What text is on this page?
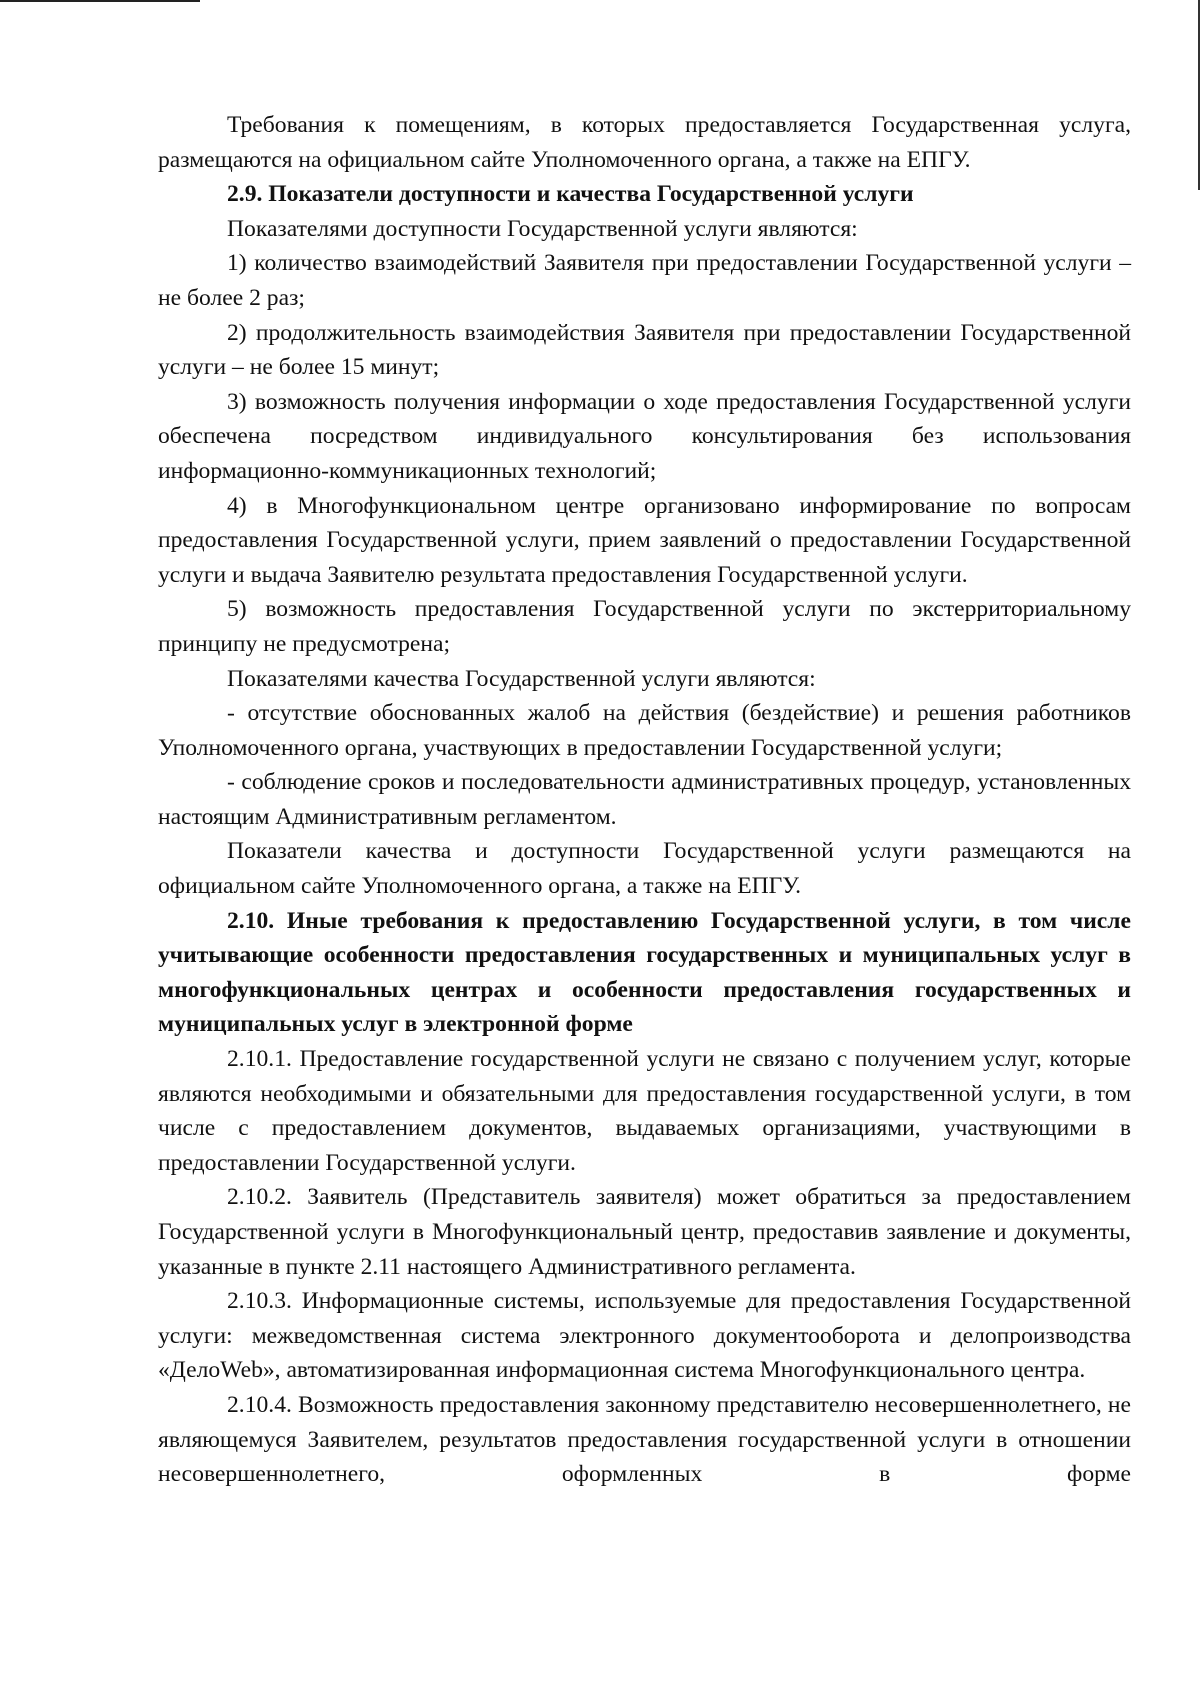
Требования к помещениям, в которых предоставляется Государственная услуга, размещаются на официальном сайте Уполномоченного органа, а также на ЕПГУ.

2.9. Показатели доступности и качества Государственной услуги

Показателями доступности Государственной услуги являются:

1) количество взаимодействий Заявителя при предоставлении Государственной услуги – не более 2 раз;

2) продолжительность взаимодействия Заявителя при предоставлении Государственной услуги – не более 15 минут;

3) возможность получения информации о ходе предоставления Государственной услуги обеспечена посредством индивидуального консультирования без использования информационно-коммуникационных технологий;

4) в Многофункциональном центре организовано информирование по вопросам предоставления Государственной услуги, прием заявлений о предоставлении Государственной услуги и выдача Заявителю результата предоставления Государственной услуги.

5) возможность предоставления Государственной услуги по экстерриториальному принципу не предусмотрена;

Показателями качества Государственной услуги являются:

- отсутствие обоснованных жалоб на действия (бездействие) и решения работников Уполномоченного органа, участвующих в предоставлении Государственной услуги;

- соблюдение сроков и последовательности административных процедур, установленных настоящим Административным регламентом.

Показатели качества и доступности Государственной услуги размещаются на официальном сайте Уполномоченного органа, а также на ЕПГУ.

2.10. Иные требования к предоставлению Государственной услуги, в том числе учитывающие особенности предоставления государственных и муниципальных услуг в многофункциональных центрах и особенности предоставления государственных и муниципальных услуг в электронной форме

2.10.1. Предоставление государственной услуги не связано с получением услуг, которые являются необходимыми и обязательными для предоставления государственной услуги, в том числе с предоставлением документов, выдаваемых организациями, участвующими в предоставлении Государственной услуги.

2.10.2. Заявитель (Представитель заявителя) может обратиться за предоставлением Государственной услуги в Многофункциональный центр, предоставив заявление и документы, указанные в пункте 2.11 настоящего Административного регламента.

2.10.3. Информационные системы, используемые для предоставления Государственной услуги: межведомственная система электронного документооборота и делопроизводства «ДелоWeb», автоматизированная информационная система Многофункционального центра.

2.10.4. Возможность предоставления законному представителю несовершеннолетнего, не являющемуся Заявителем, результатов предоставления государственной услуги в отношении несовершеннолетнего, оформленных в форме
